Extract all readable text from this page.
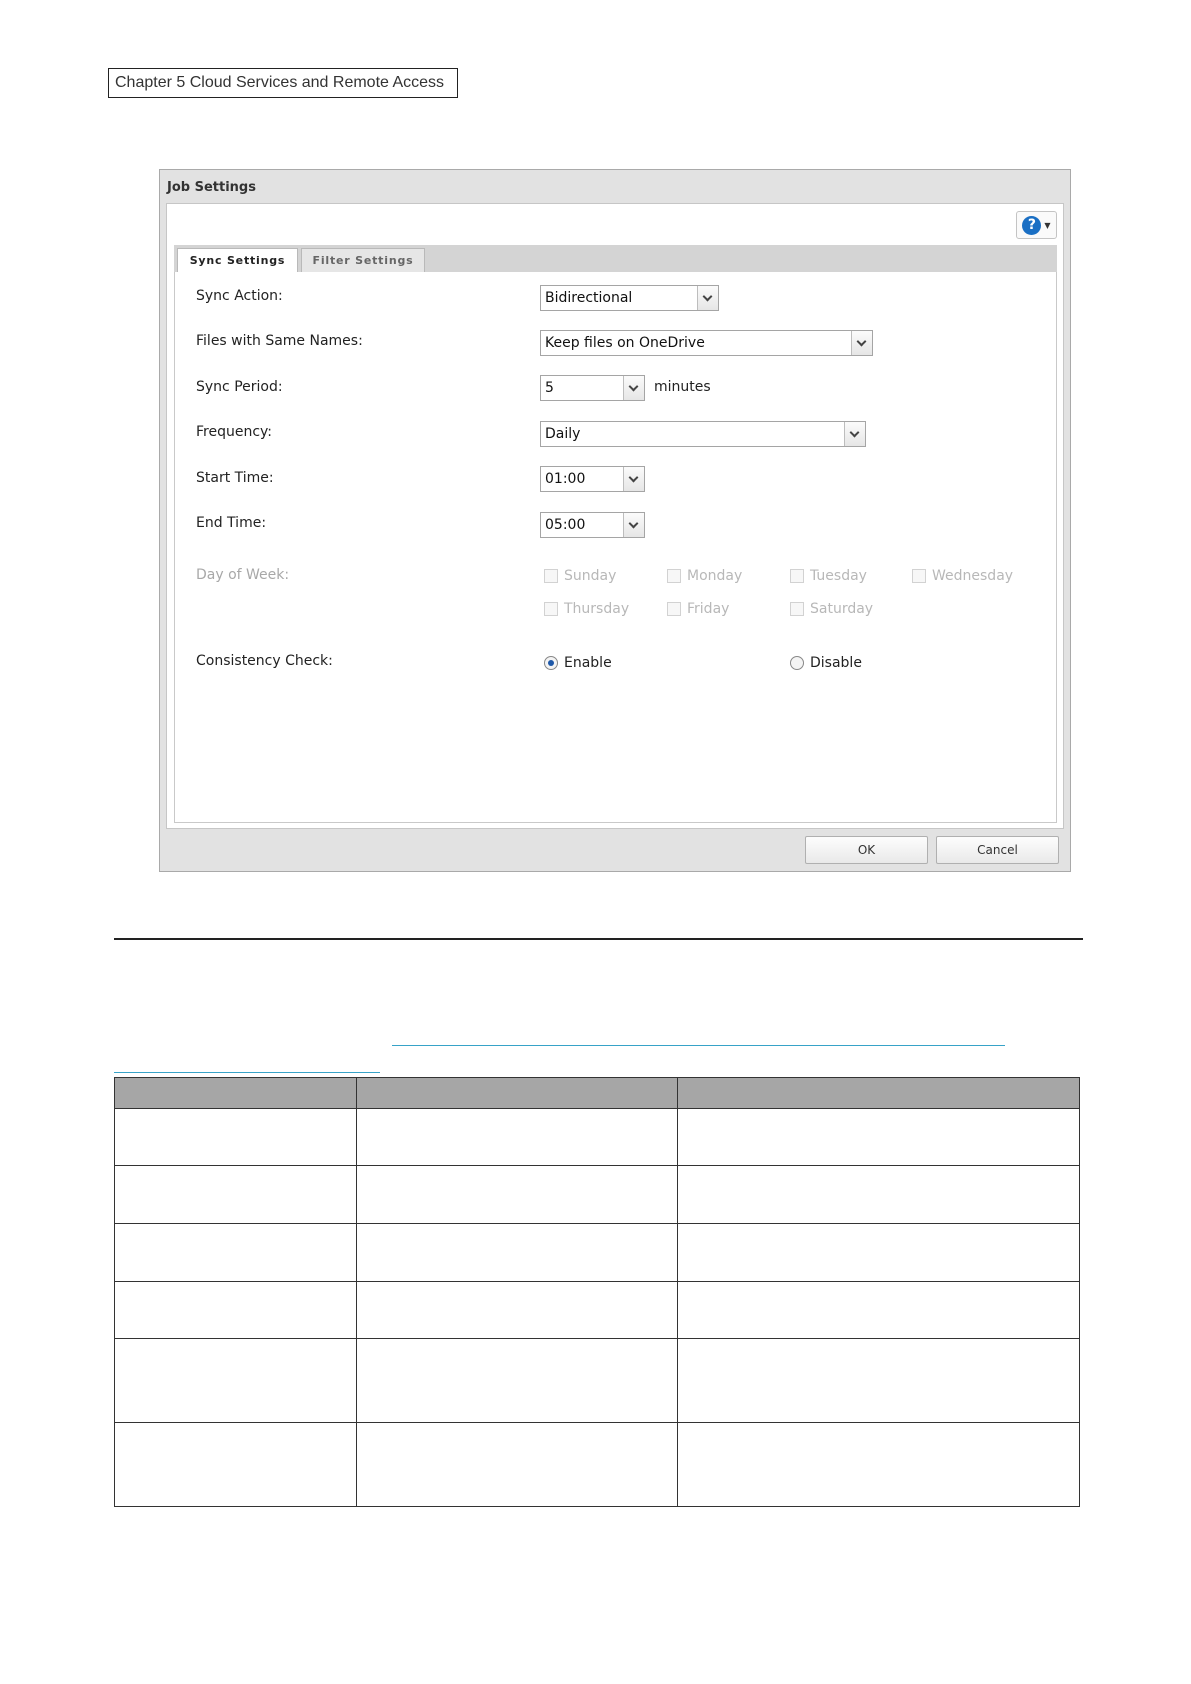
Chapter 5 Cloud Services and Remote Access
Job Settings
?	▼
Sync Settings	Filter Settings
Sync Action:	Bidirectional
Files with Same Names:	Keep files on OneDrive
Sync Period:	5	minutes
Frequency:	Daily
Start Time:	01:00
End Time:	05:00
Day of Week:	Sunday	Monday	Tuesday	Wednesday
Thursday	Friday	Saturday
Consistency Check:	Enable	Disable
OK	Cancel
